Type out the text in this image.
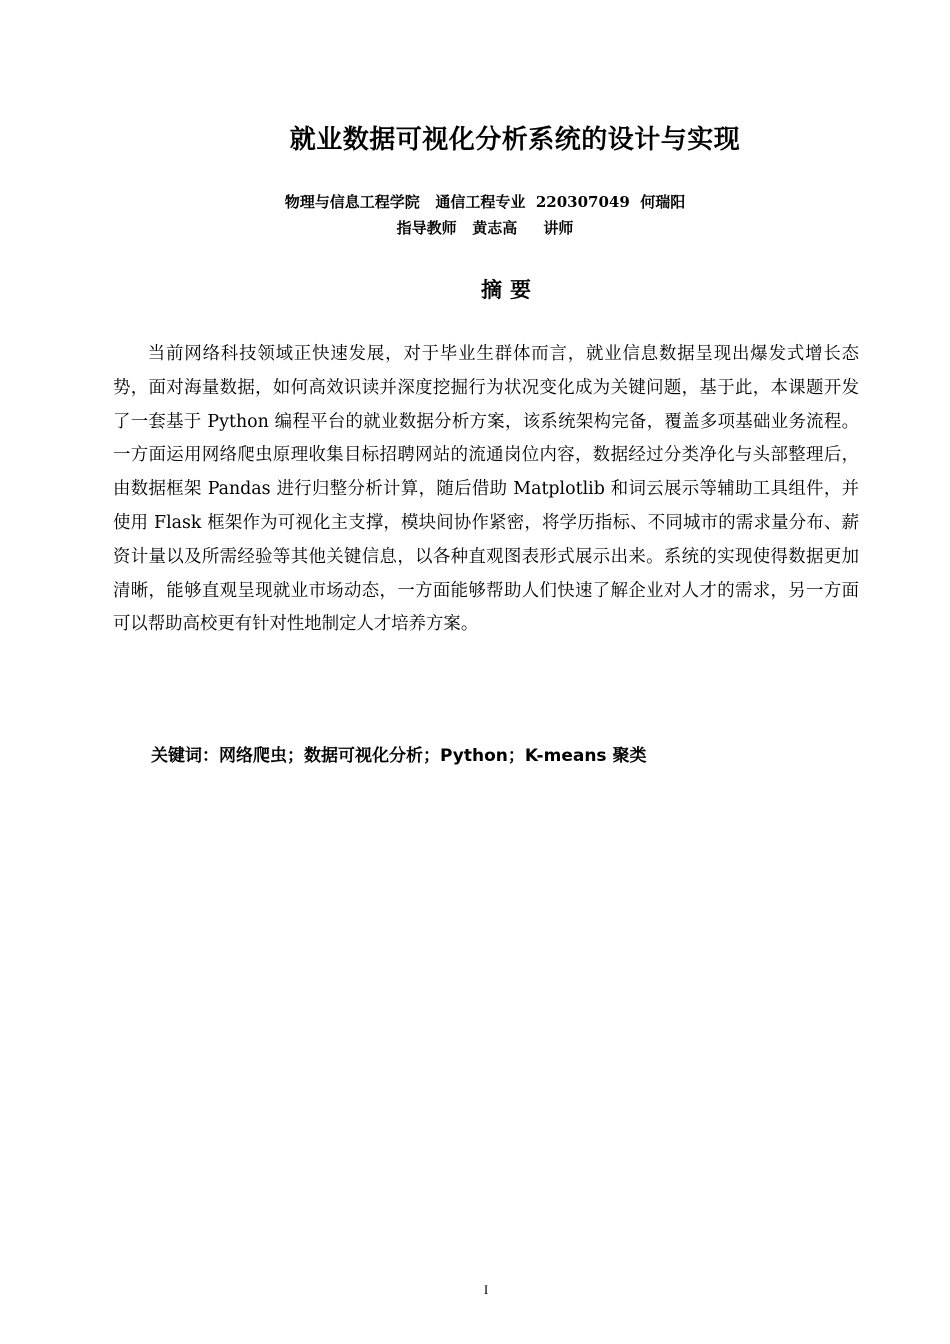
就业数据可视化分析系统的设计与实现
物理与信息工程学院   通信工程专业  220307049  何瑞阳
指导教师   黄志高     讲师
摘要

当前网络科技领域正快速发展，对于毕业生群体而言，就业信息数据呈现出爆发式增长态势，面对海量数据，如何高效识读并深度挖掘行为状况变化成为关键问题，基于此，本课题开发了一套基于 Python 编程平台的就业数据分析方案，该系统架构完备，覆盖多项基础业务流程。一方面运用网络爬虫原理收集目标招聘网站的流通岗位内容，数据经过分类净化与头部整理后，由数据框架 Pandas 进行归整分析计算，随后借助 Matplotlib 和词云展示等辅助工具组件，并使用 Flask 框架作为可视化主支撑，模块间协作紧密，将学历指标、不同城市的需求量分布、薪资计量以及所需经验等其他关键信息，以各种直观图表形式展示出来。系统的实现使得数据更加清晰，能够直观呈现就业市场动态，一方面能够帮助人们快速了解企业对人才的需求，另一方面可以帮助高校更有针对性地制定人才培养方案。

关键词：网络爬虫；数据可视化分析；Python；K-means 聚类
I
